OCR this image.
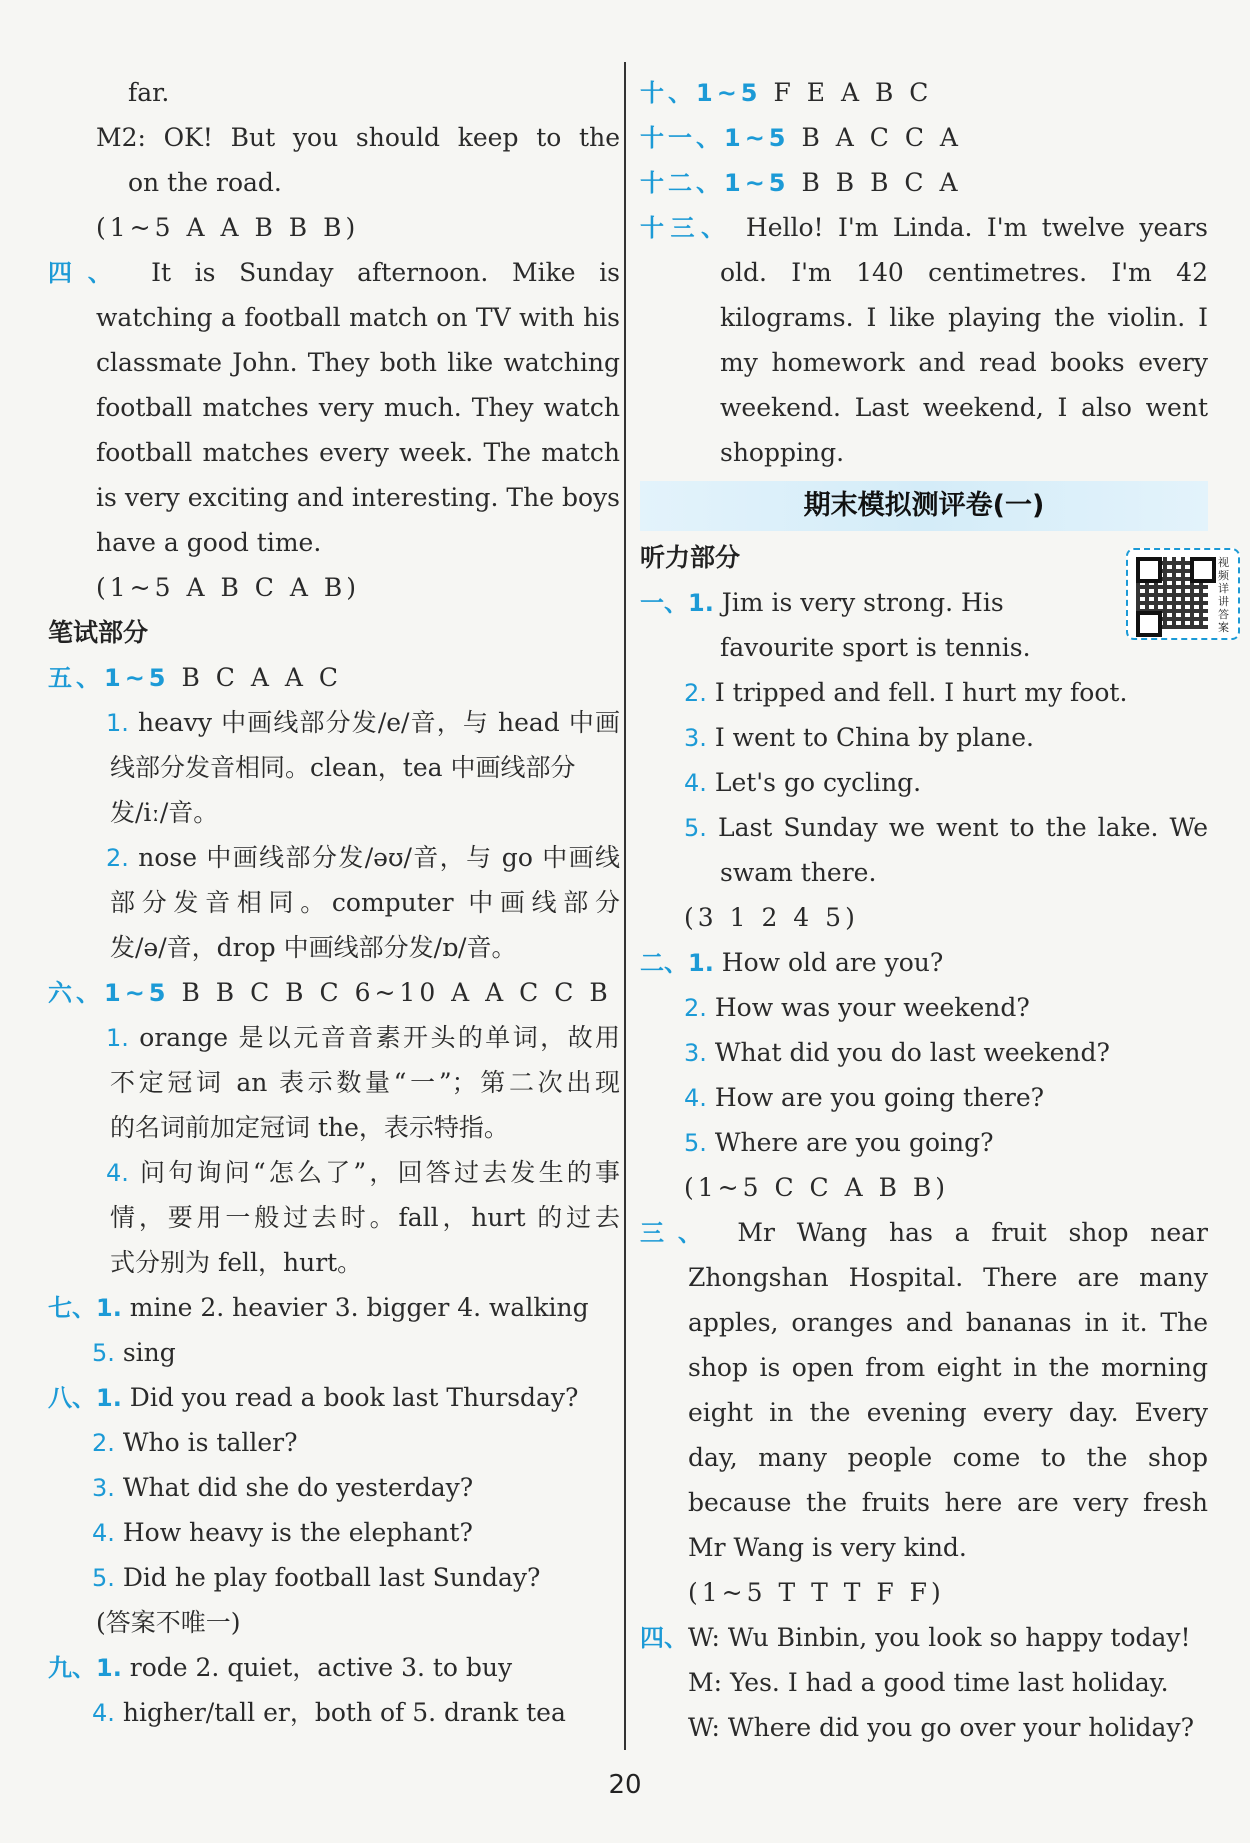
far.
M2: OK! But you should keep to the
on the road.
(1~5 A A B B B)
四、 It is Sunday afternoon. Mike is
watching a football match on TV with his
classmate John. They both like watching
football matches very much. They watch
football matches every week. The match
is very exciting and interesting. The boys
have a good time.
(1~5 A B C A B)
笔试部分
五、1~5 B C A A C
1. heavy 中画线部分发/e/音，与 head 中画
线部分发音相同。clean，tea 中画线部分
发/iː/音。
2. nose 中画线部分发/əʊ/音，与 go 中画线
部分发音相同。computer 中画线部分
发/ə/音，drop 中画线部分发/ɒ/音。
六、1~5 B B C B C 6~10 A A C C B
1. orange 是以元音音素开头的单词，故用
不定冠词 an 表示数量“一”；第二次出现
的名词前加定冠词 the，表示特指。
4. 问句询问“怎么了”，回答过去发生的事
情，要用一般过去时。fall，hurt 的过去
式分别为 fell，hurt。
七、1. mine 2. heavier 3. bigger 4. walking
5. sing
八、1. Did you read a book last Thursday?
2. Who is taller?
3. What did she do yesterday?
4. How heavy is the elephant?
5. Did he play football last Sunday?
(答案不唯一)
九、1. rode 2. quiet，active 3. to buy
4. higher/tall er，both of 5. drank tea
十、1~5 F E A B C
十一、1~5 B A C C A
十二、1~5 B B B C A
十三、 Hello! I'm Linda. I'm twelve years
old. I'm 140 centimetres. I'm 42
kilograms. I like playing the violin. I
my homework and read books every
weekend. Last weekend, I also went
shopping.
期末模拟测评卷(一)
听力部分
一、1. Jim is very strong. His
favourite sport is tennis.
2. I tripped and fell. I hurt my foot.
3. I went to China by plane.
4. Let's go cycling.
5. Last Sunday we went to the lake. We
swam there.
(3 1 2 4 5)
二、1. How old are you?
2. How was your weekend?
3. What did you do last weekend?
4. How are you going there?
5. Where are you going?
(1~5 C C A B B)
三、 Mr Wang has a fruit shop near
Zhongshan Hospital. There are many
apples, oranges and bananas in it. The
shop is open from eight in the morning
eight in the evening every day. Every
day, many people come to the shop
because the fruits here are very fresh
Mr Wang is very kind.
(1~5 T T T F F)
四、W: Wu Binbin, you look so happy today!
M: Yes. I had a good time last holiday.
W: Where did you go over your holiday?
视频详讲答案
20
